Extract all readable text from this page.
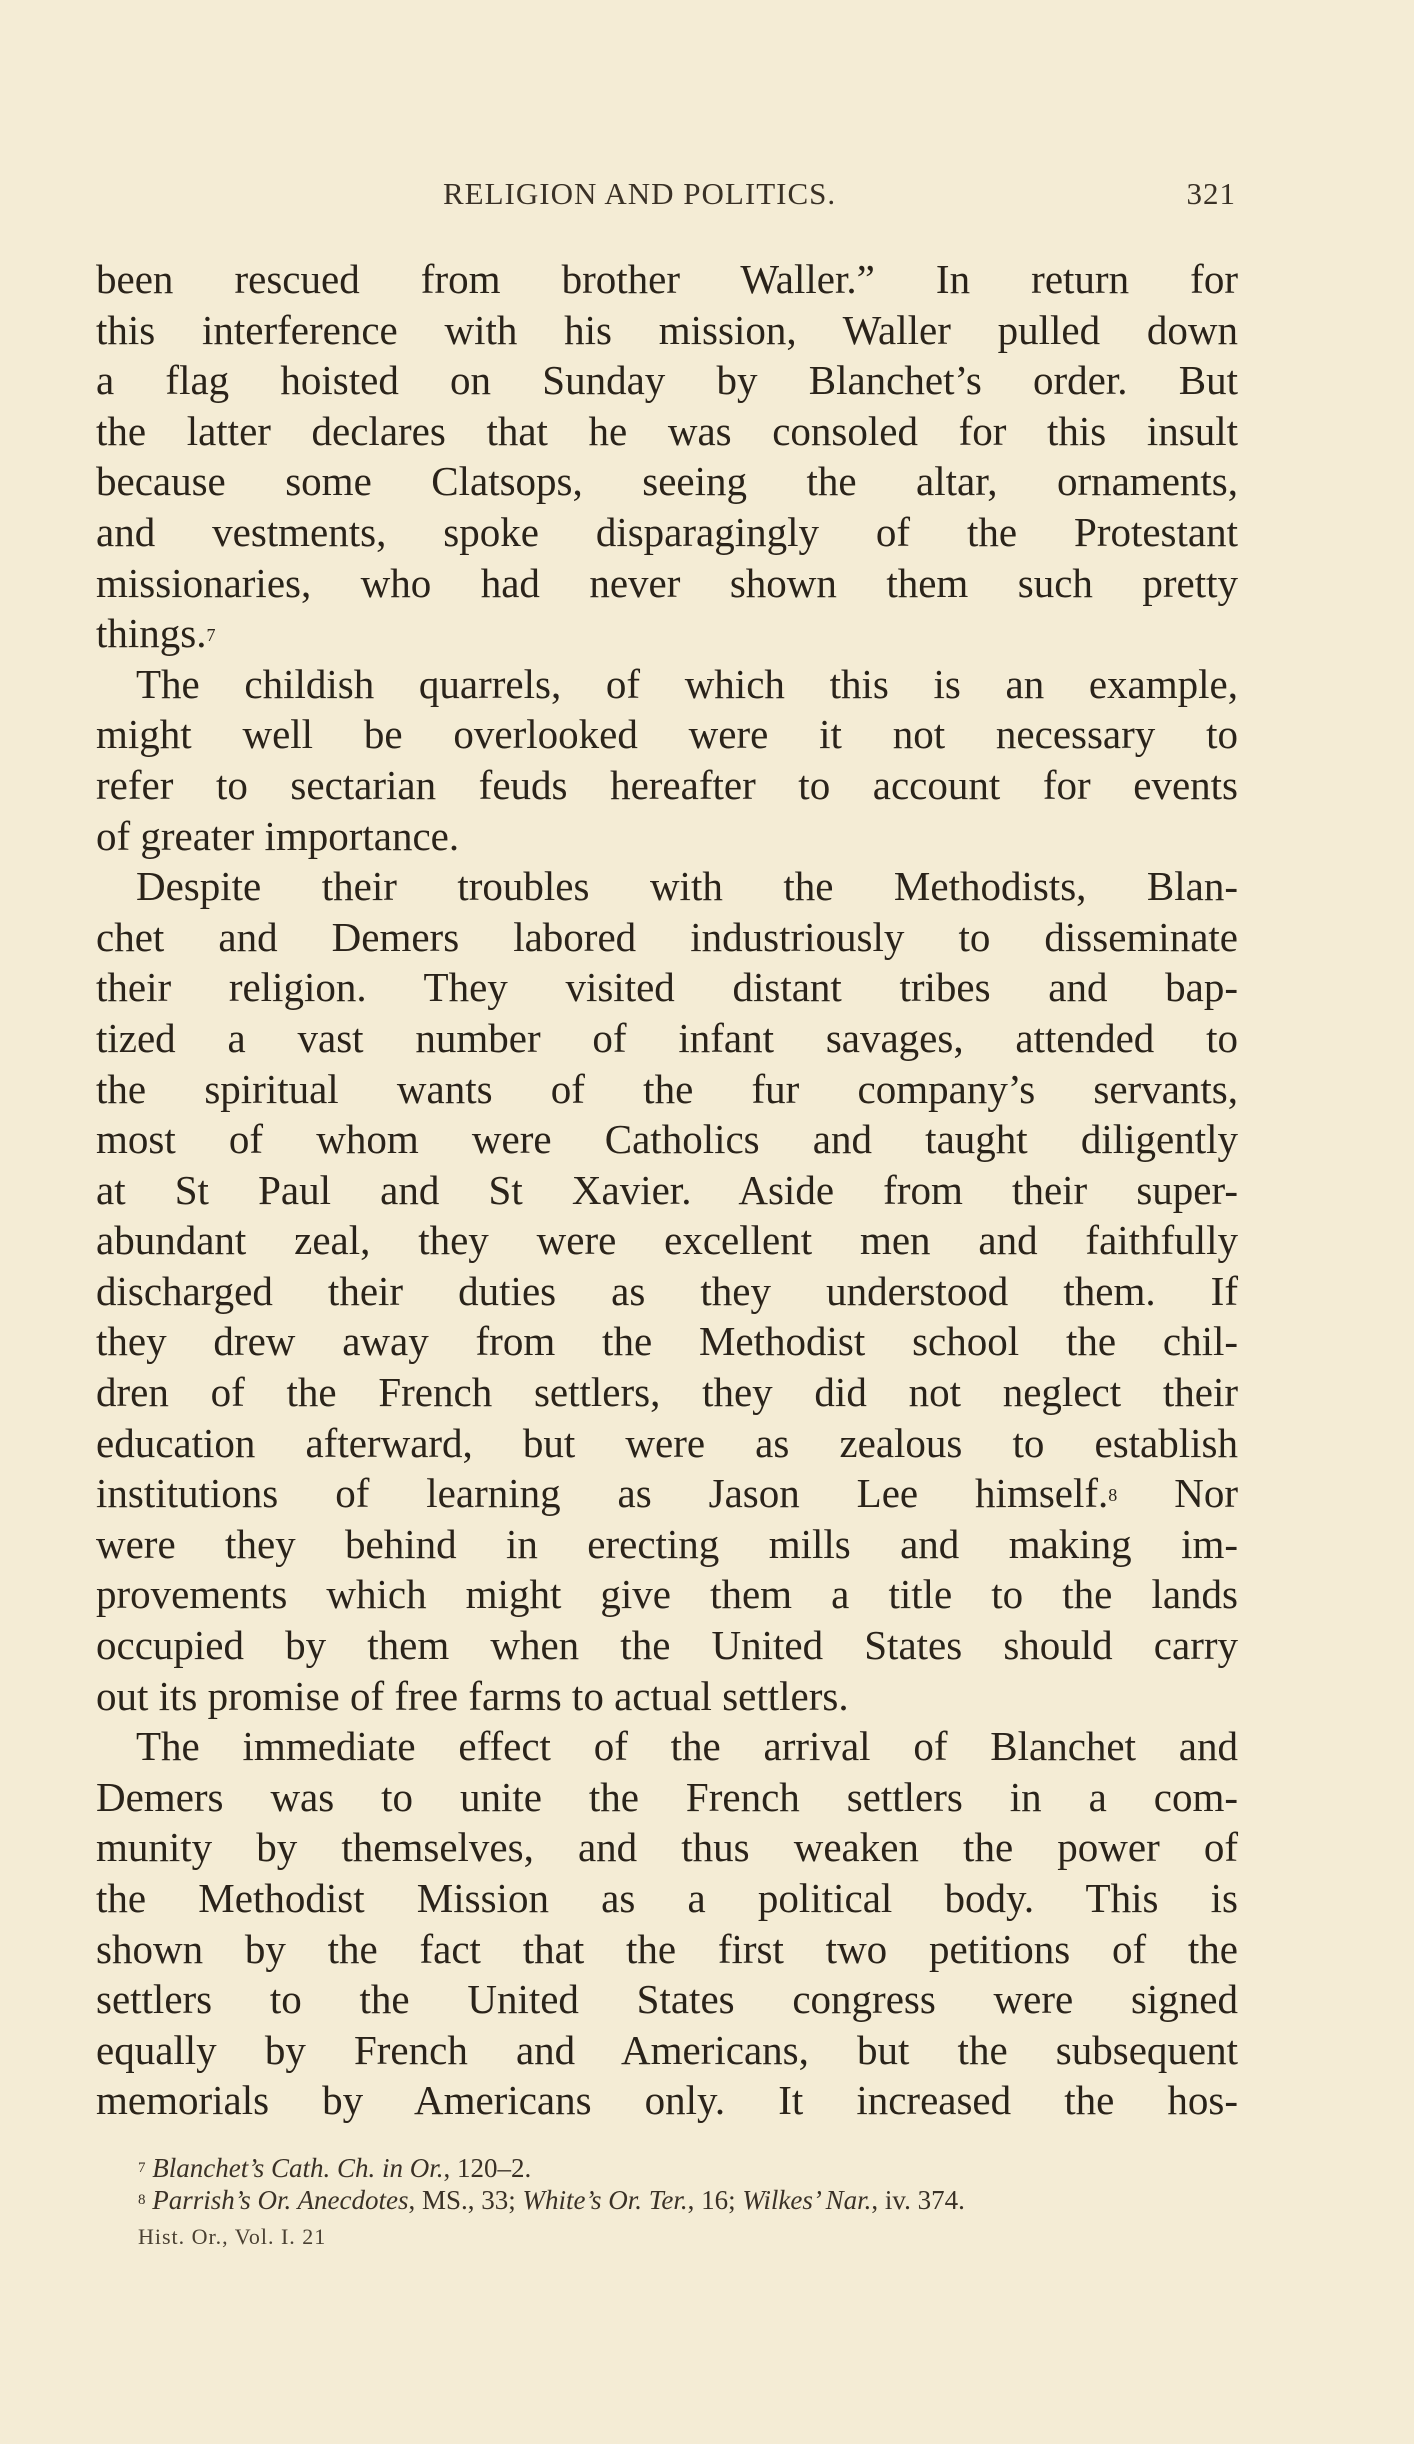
RELIGION AND POLITICS.	321
been rescued from brother Waller.” In return for
this interference with his mission, Waller pulled down
a flag hoisted on Sunday by Blanchet’s order. But
the latter declares that he was consoled for this insult
because some Clatsops, seeing the altar, ornaments,
and vestments, spoke disparagingly of the Protestant
missionaries, who had never shown them such pretty
things.$^7$
The childish quarrels, of which this is an example,
might well be overlooked were it not necessary to
refer to sectarian feuds hereafter to account for events
of greater importance.
Despite their troubles with the Methodists, Blan-
chet and Demers labored industriously to disseminate
their religion. They visited distant tribes and bap-
tized a vast number of infant savages, attended to
the spiritual wants of the fur company’s servants,
most of whom were Catholics and taught diligently
at St Paul and St Xavier. Aside from their super-
abundant zeal, they were excellent men and faithfully
discharged their duties as they understood them. If
they drew away from the Methodist school the chil-
dren of the French settlers, they did not neglect their
education afterward, but were as zealous to establish
institutions of learning as Jason Lee himself.$^8$ Nor
were they behind in erecting mills and making im-
provements which might give them a title to the lands
occupied by them when the United States should carry
out its promise of free farms to actual settlers.
The immediate effect of the arrival of Blanchet and
Demers was to unite the French settlers in a com-
munity by themselves, and thus weaken the power of
the Methodist Mission as a political body. This is
shown by the fact that the first two petitions of the
settlers to the United States congress were signed
equally by French and Americans, but the subsequent
memorials by Americans only. It increased the hos-
$^7$ Blanchet’s Cath. Ch. in Or., 120–2.
$^8$ Parrish’s Or. Anecdotes, MS., 33; White’s Or. Ter., 16; Wilkes’ Nar., iv. 374.
Hist. Or., Vol. I. 21
